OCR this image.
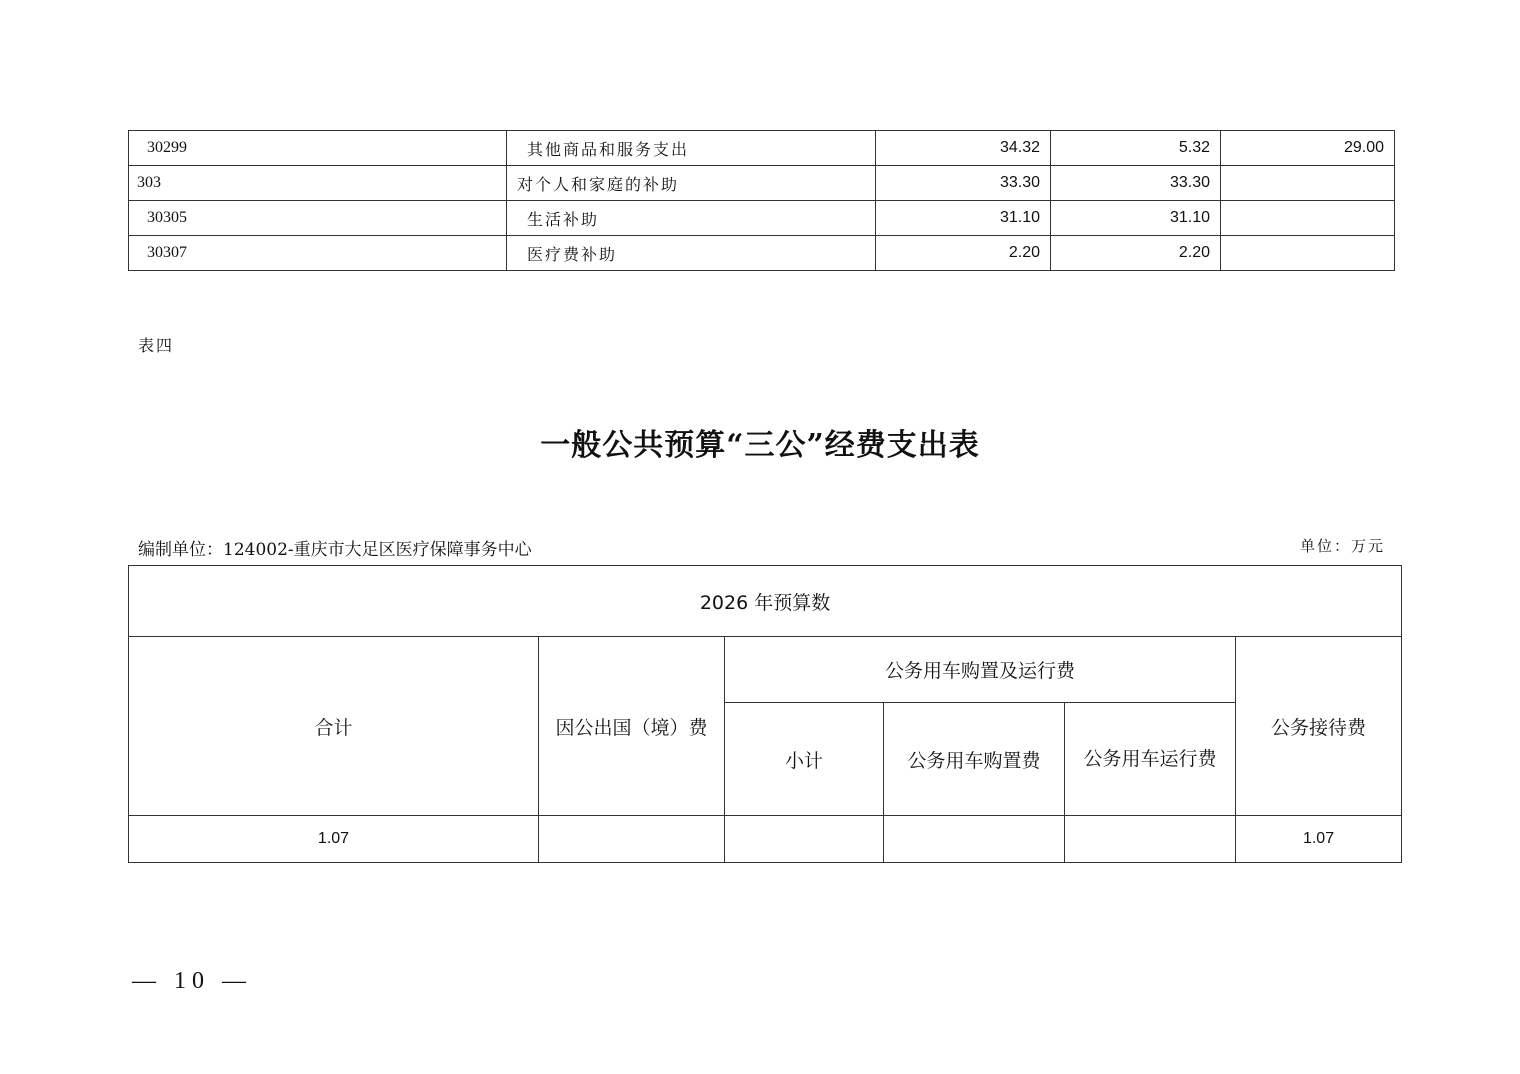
30299	其他商品和服务支出	34.32	5.32	29.00
303	对个人和家庭的补助	33.30	33.30	
30305	生活补助	31.10	31.10	
30307	医疗费补助	2.20	2.20	
表四
一般公共预算“三公”经费支出表
编制单位：124002-重庆市大足区医疗保障事务中心	单位：万元
2026 年预算数					
合计	因公出国（境）费	公务用车购置及运行费			公务接待费
		小计	公务用车购置费	公务用车运行费	
1.07					1.07
— 10 —
